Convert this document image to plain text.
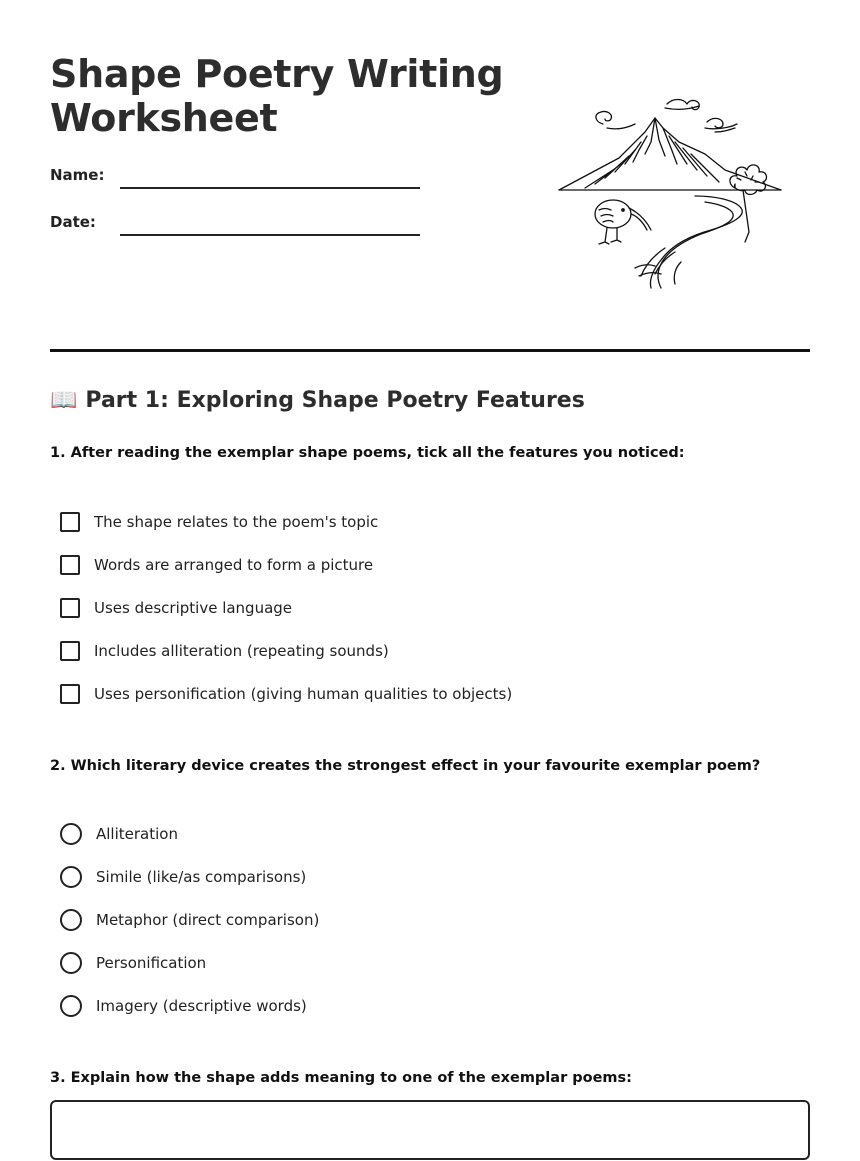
Shape Poetry Writing Worksheet
Name:
Date:
📖 Part 1: Exploring Shape Poetry Features
1. After reading the exemplar shape poems, tick all the features you noticed:
The shape relates to the poem's topic
Words are arranged to form a picture
Uses descriptive language
Includes alliteration (repeating sounds)
Uses personification (giving human qualities to objects)
2. Which literary device creates the strongest effect in your favourite exemplar poem?
Alliteration
Simile (like/as comparisons)
Metaphor (direct comparison)
Personification
Imagery (descriptive words)
3. Explain how the shape adds meaning to one of the exemplar poems:
